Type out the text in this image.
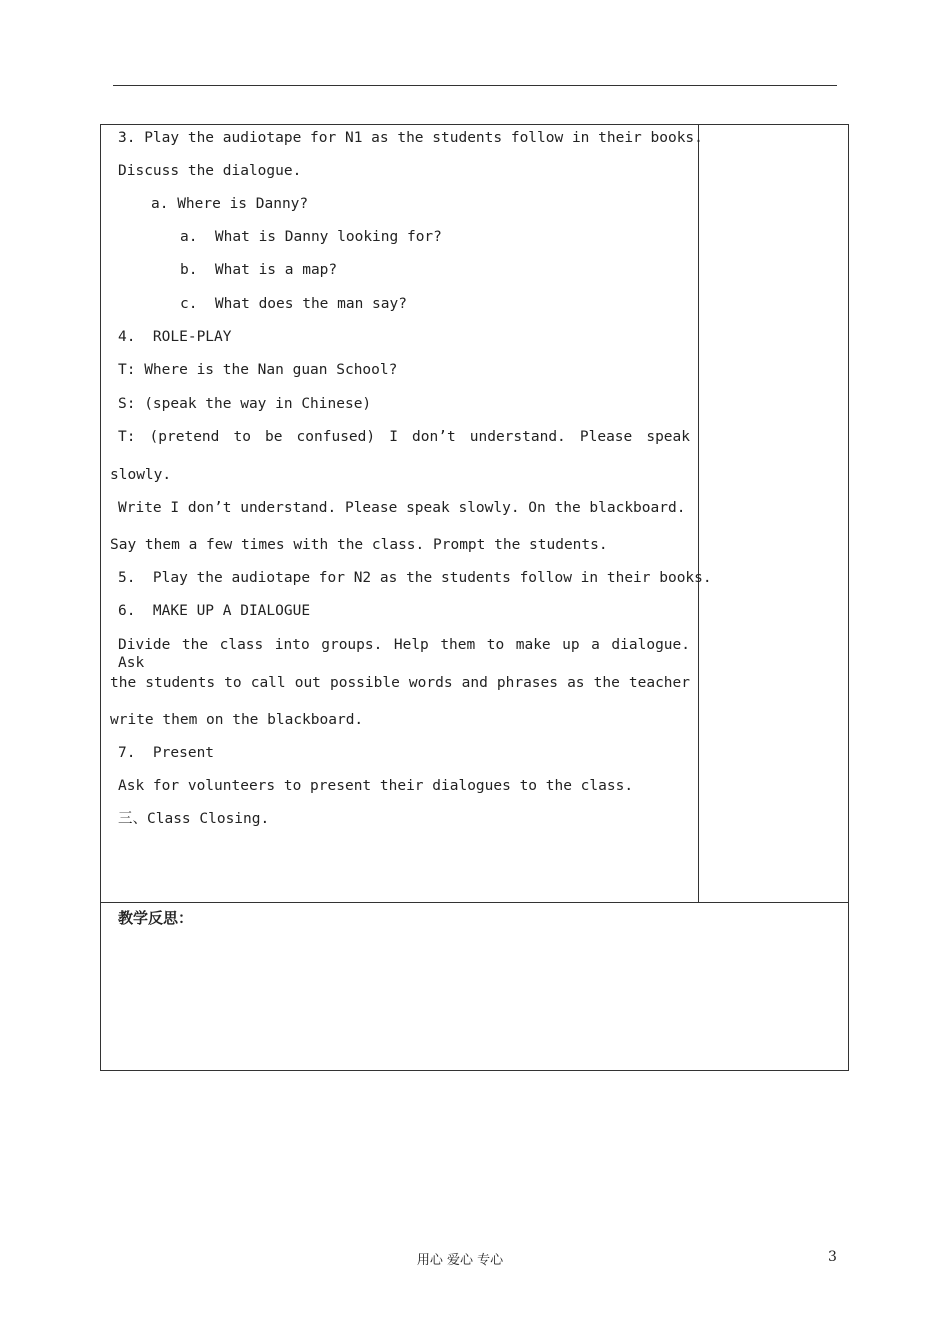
3. Play the audiotape for N1 as the students follow in their books.
Discuss the dialogue.
a. Where is Danny?
a.  What is Danny looking for?
b.  What is a map?
c.  What does the man say?
4.  ROLE-PLAY
T: Where is the Nan guan School?
S: (speak the way in Chinese)
T: (pretend to be confused) I don’t understand. Please speak
slowly.
Write I don’t understand. Please speak slowly. On the blackboard.
Say them a few times with the class. Prompt the students.
5.  Play the audiotape for N2 as the students follow in their books.
6.  MAKE UP A DIALOGUE
Divide the class into groups. Help them to make up a dialogue. Ask
the students to call out possible words and phrases as the teacher
write them on the blackboard.
7.  Present
Ask for volunteers to present their dialogues to the class.
三、Class Closing.
教学反思：
用心 爱心 专心	3
